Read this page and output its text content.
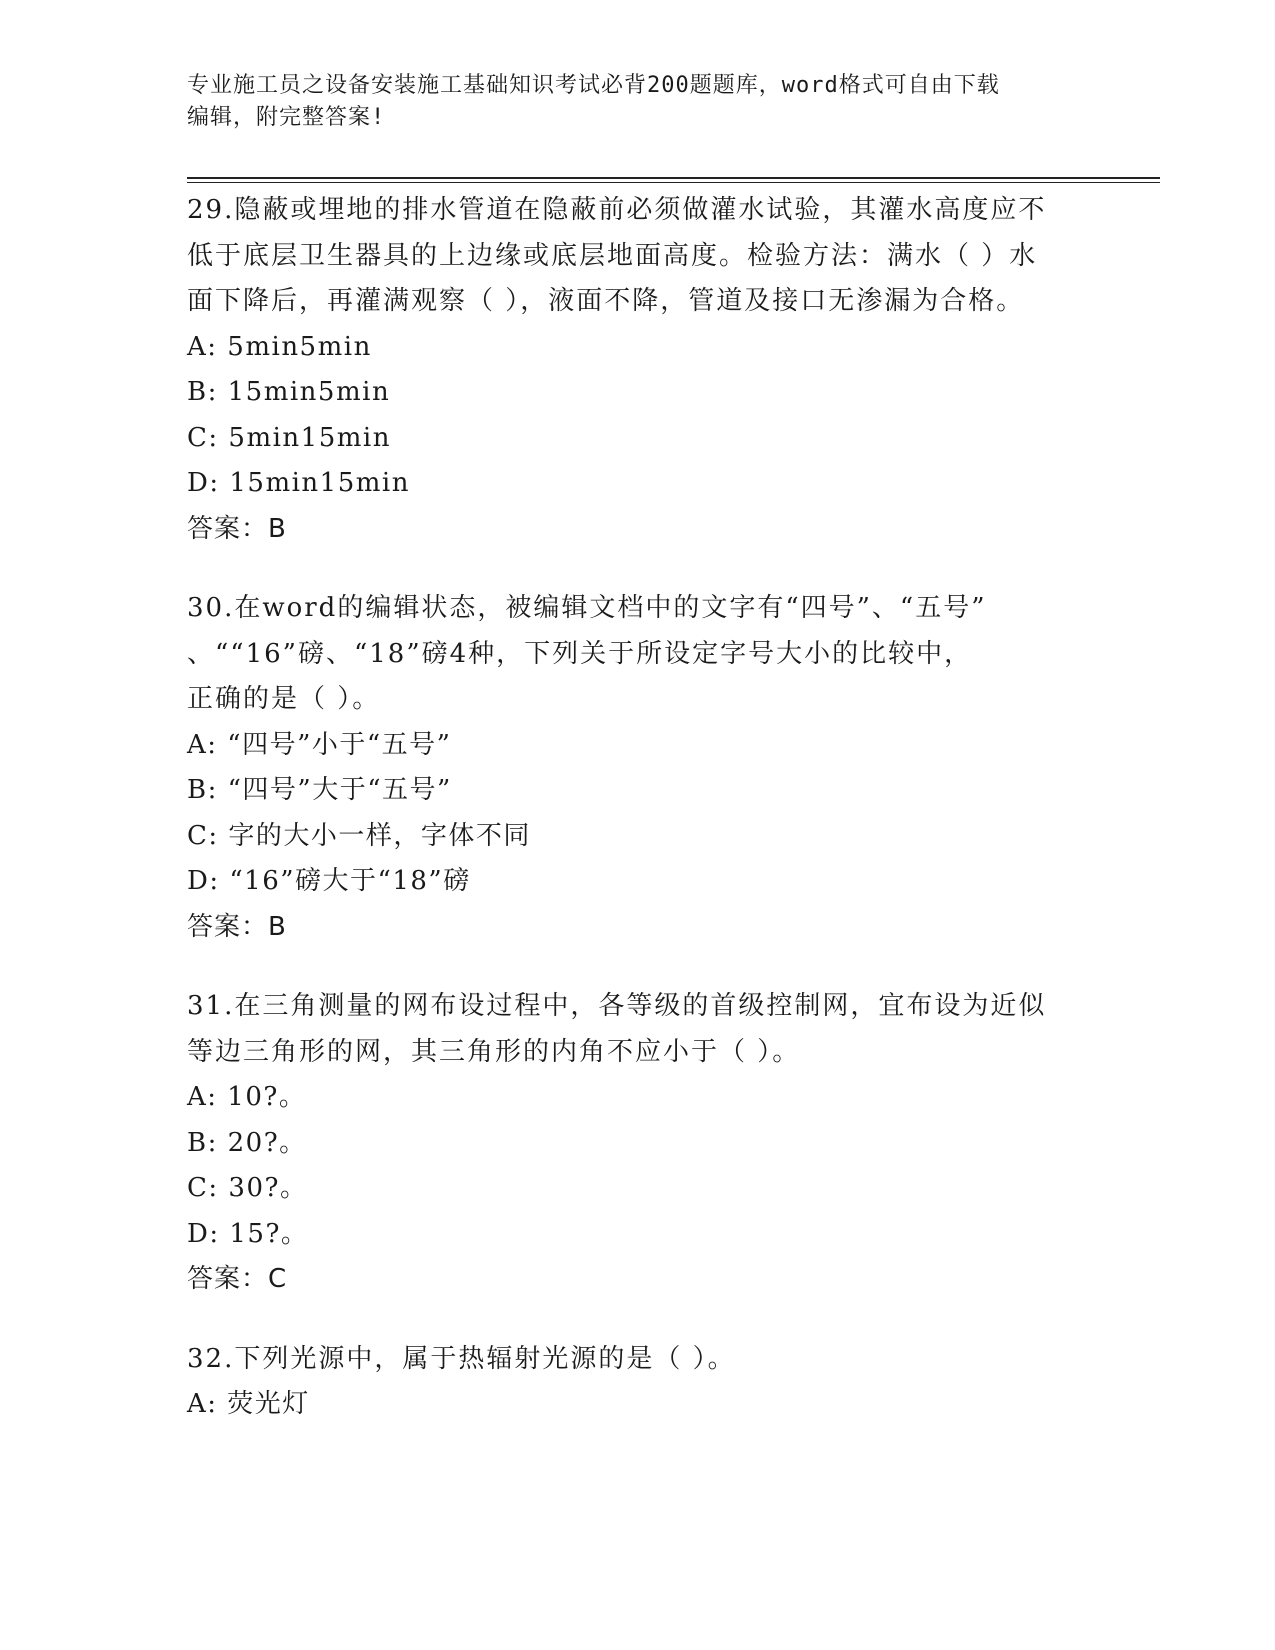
专业施工员之设备安装施工基础知识考试必背200题题库，word格式可自由下载
编辑，附完整答案!
29.隐蔽或埋地的排水管道在隐蔽前必须做灌水试验，其灌水高度应不
低于底层卫生器具的上边缘或底层地面高度。检验方法：满水（ ）水
面下降后，再灌满观察（ ），液面不降，管道及接口无渗漏为合格。
A: 5min5min
B: 15min5min
C: 5min15min
D: 15min15min
答案：B
30.在word的编辑状态，被编辑文档中的文字有“四号”、“五号”
、““16”磅、“18”磅4种，下列关于所设定字号大小的比较中，
正确的是（ ）。
A: “四号”小于“五号”
B: “四号”大于“五号”
C: 字的大小一样，字体不同
D: “16”磅大于“18”磅
答案：B
31.在三角测量的网布设过程中，各等级的首级控制网，宜布设为近似
等边三角形的网，其三角形的内角不应小于（ ）。
A: 10?。
B: 20?。
C: 30?。
D: 15?。
答案：C
32.下列光源中，属于热辐射光源的是（ ）。
A: 荧光灯
